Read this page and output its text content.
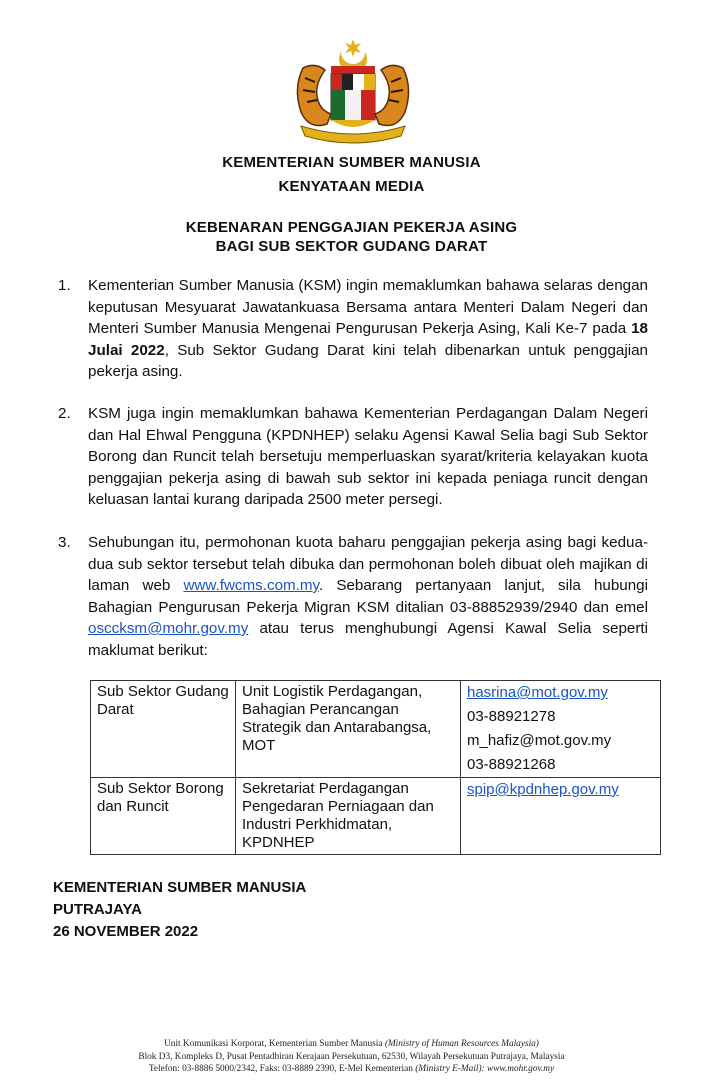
KEMENTERIAN SUMBER MANUSIA
KENYATAAN MEDIA
KEBENARAN PENGGAJIAN PEKERJA ASING
BAGI SUB SEKTOR GUDANG DARAT
1. Kementerian Sumber Manusia (KSM) ingin memaklumkan bahawa selaras dengan keputusan Mesyuarat Jawatankuasa Bersama antara Menteri Dalam Negeri dan Menteri Sumber Manusia Mengenai Pengurusan Pekerja Asing, Kali Ke-7 pada 18 Julai 2022, Sub Sektor Gudang Darat kini telah dibenarkan untuk penggajian pekerja asing.
2. KSM juga ingin memaklumkan bahawa Kementerian Perdagangan Dalam Negeri dan Hal Ehwal Pengguna (KPDNHEP) selaku Agensi Kawal Selia bagi Sub Sektor Borong dan Runcit telah bersetuju memperluaskan syarat/kriteria kelayakan kuota penggajian pekerja asing di bawah sub sektor ini kepada peniaga runcit dengan keluasan lantai kurang daripada 2500 meter persegi.
3. Sehubungan itu, permohonan kuota baharu penggajian pekerja asing bagi kedua-dua sub sektor tersebut telah dibuka dan permohonan boleh dibuat oleh majikan di laman web www.fwcms.com.my. Sebarang pertanyaan lanjut, sila hubungi Bahagian Pengurusan Pekerja Migran KSM ditalian 03-88852939/2940 dan emel osccksm@mohr.gov.my atau terus menghubungi Agensi Kawal Selia seperti maklumat berikut:
Sub Sektor Gudang Darat	Unit Logistik Perdagangan, Bahagian Perancangan Strategik dan Antarabangsa, MOT	hasrina@mot.gov.my
03-88921278
m_hafiz@mot.gov.my
03-88921268

Sub Sektor Borong dan Runcit	Sekretariat Perdagangan Pengedaran Perniagaan dan Industri Perkhidmatan, KPDNHEP	spip@kpdnhep.gov.my
KEMENTERIAN SUMBER MANUSIA
PUTRAJAYA
26 NOVEMBER 2022
Unit Komunikasi Korporat, Kementerian Sumber Manusia (Ministry of Human Resources Malaysia)
Blok D3, Kompleks D, Pusat Pentadbiran Kerajaan Persekutuan, 62530, Wilayah Persekutuan Putrajaya, Malaysia
Telefon: 03-8886 5000/2342, Faks: 03-8889 2390, E-Mel Kementerian (Ministry E-Mail): www.mohr.gov.my
